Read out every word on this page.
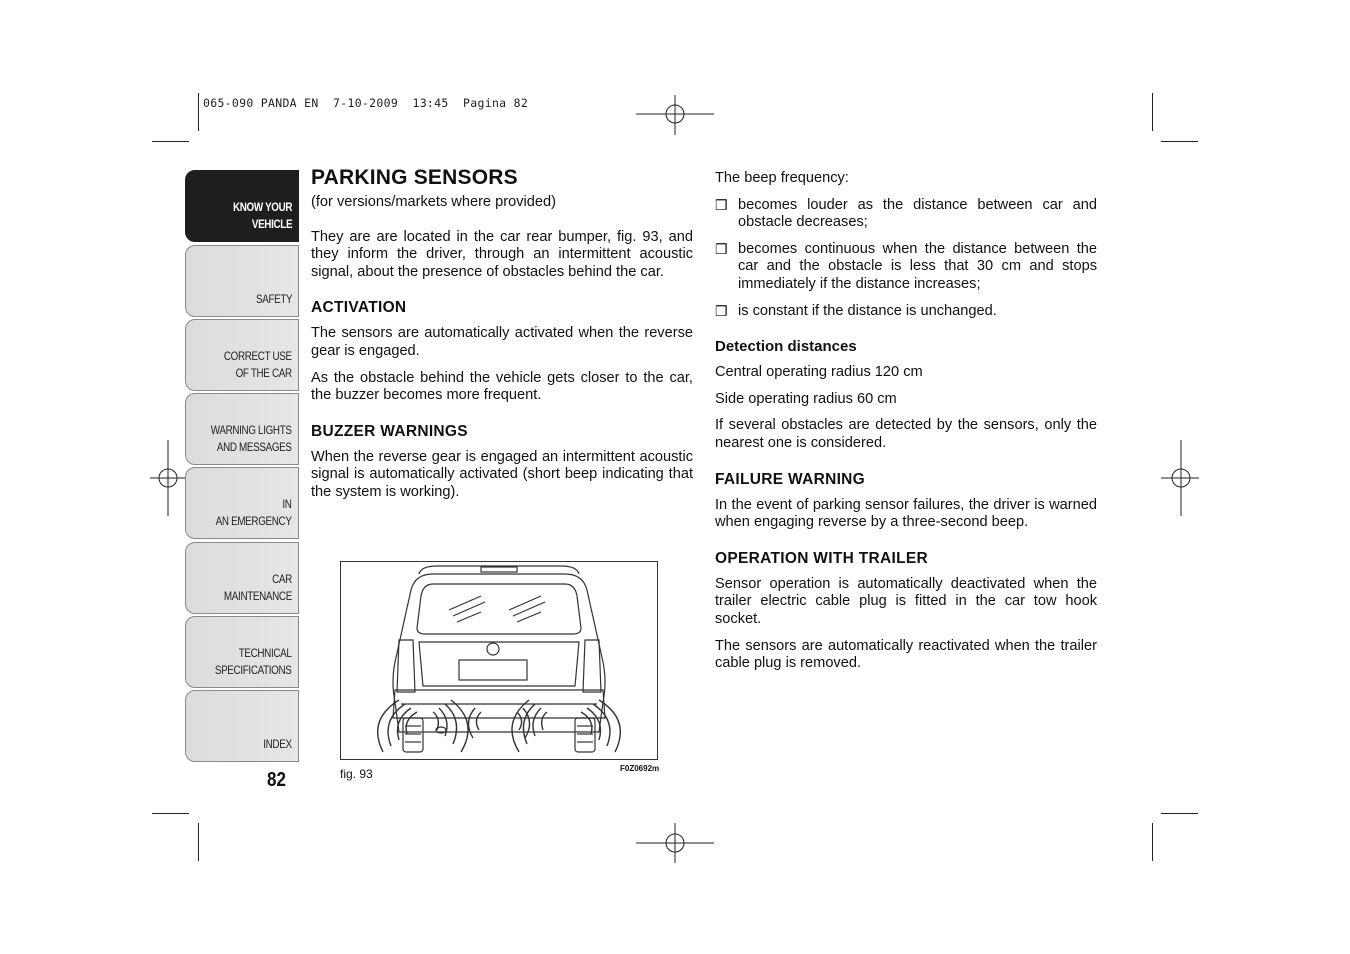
065-090 PANDA EN  7-10-2009  13:45  Pagina 82
KNOW YOUR
VEHICLE
SAFETY
CORRECT USE
OF THE CAR
WARNING LIGHTS
AND MESSAGES
IN
AN EMERGENCY
CAR
MAINTENANCE
TECHNICAL
SPECIFICATIONS
INDEX
82
PARKING SENSORS

(for versions/markets where provided)

They are are located in the car rear bumper, fig. 93, and they inform the driver, through an intermittent acoustic signal, about the presence of obstacles behind the car.

ACTIVATION

The sensors are automatically activated when the reverse gear is engaged.

As the obstacle behind the vehicle gets closer to the car, the buzzer becomes more frequent.

BUZZER WARNINGS

When the reverse gear is engaged an intermittent acoustic signal is automatically activated (short beep indicating that the system is working).

fig. 93	F0Z0692m

The beep frequency:

❒ becomes louder as the distance between car and obstacle decreases;
❒ becomes continuous when the distance between the car and the obstacle is less that 30 cm and stops immediately if the distance increases;
❒ is constant if the distance is unchanged.
Detection distances

Central operating radius 120 cm

Side operating radius 60 cm

If several obstacles are detected by the sensors, only the nearest one is considered.

FAILURE WARNING

In the event of parking sensor failures, the driver is warned when engaging reverse by a three-second beep.

OPERATION WITH TRAILER

Sensor operation is automatically deactivated when the trailer electric cable plug is fitted in the car tow hook socket.

The sensors are automatically reactivated when the trailer cable plug is removed.
